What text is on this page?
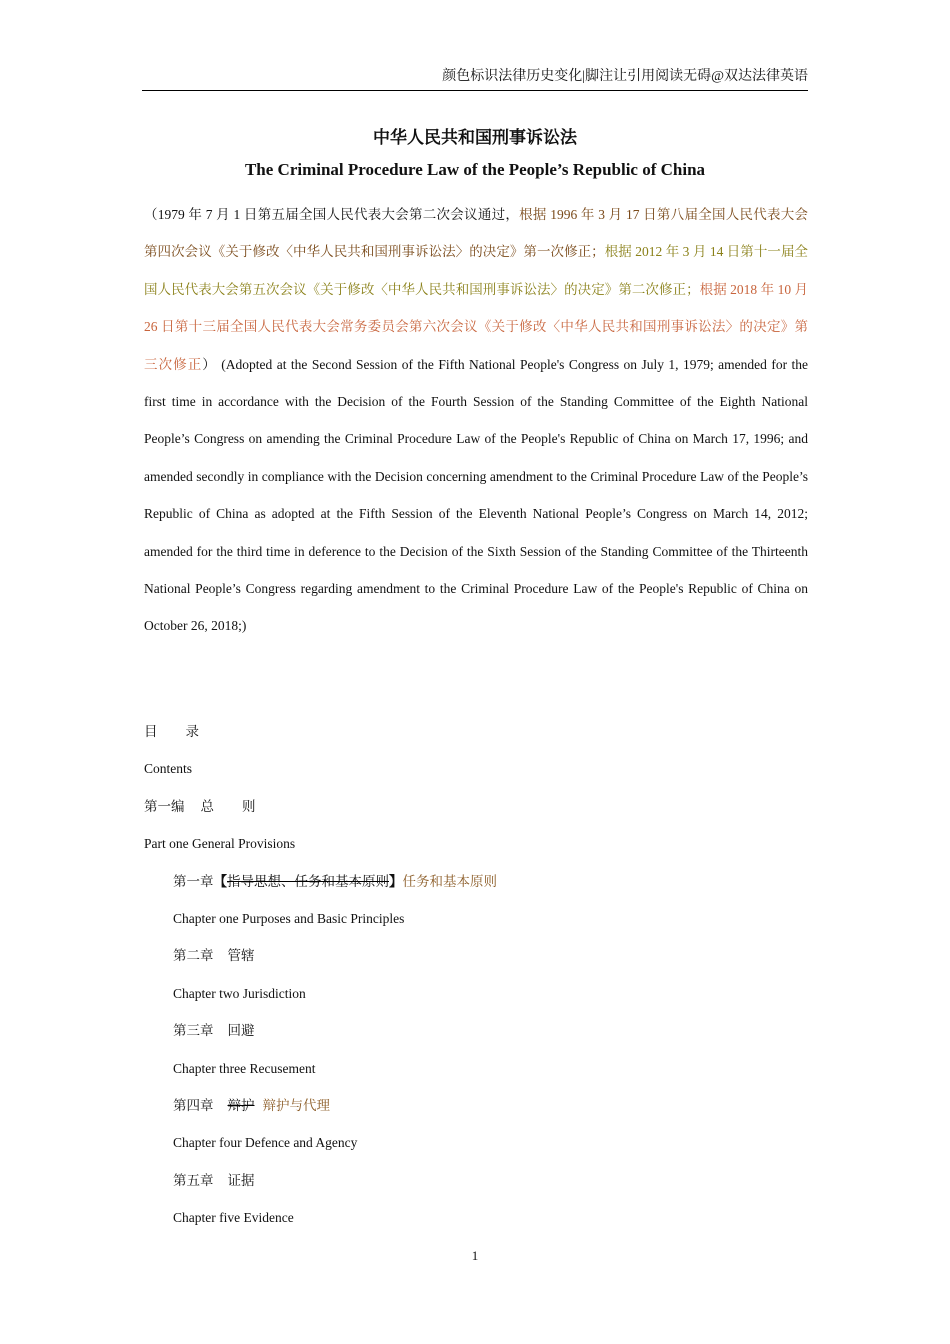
颜色标识法律历史变化|脚注让引用阅读无碍@双达法律英语
中华人民共和国刑事诉讼法
The Criminal Procedure Law of the People’s Republic of China
（1979 年 7 月 1 日第五届全国人民代表大会第二次会议通过，根据 1996 年 3 月 17 日第八届全国人民代表大会第四次会议《关于修改〈中华人民共和国刑事诉讼法〉的决定》第一次修正；根据 2012 年 3 月 14 日第十一届全国人民代表大会第五次会议《关于修改〈中华人民共和国刑事诉讼法〉的决定》第二次修正；根据 2018 年 10 月 26 日第十三届全国人民代表大会常务委员会第六次会议《关于修改〈中华人民共和国刑事诉讼法〉的决定》第三次修正） (Adopted at the Second Session of the Fifth National People's Congress on July 1, 1979; amended for the first time in accordance with the Decision of the Fourth Session of the Standing Committee of the Eighth National People’s Congress on amending the Criminal Procedure Law of the People's Republic of China on March 17, 1996; and amended secondly in compliance with the Decision concerning amendment to the Criminal Procedure Law of the People’s Republic of China as adopted at the Fifth Session of the Eleventh National People’s Congress on March 14, 2012; amended for the third time in deference to the Decision of the Sixth Session of the Standing Committee of the Thirteenth National People’s Congress regarding amendment to the Criminal Procedure Law of the People's Republic of China on October 26, 2018;)
目 录
Contents
第一编 总 则
Part one General Provisions
第一章【指导思想、任务和基本原则】任务和基本原则
Chapter one Purposes and Basic Principles
第二章 管辖
Chapter two Jurisdiction
第三章 回避
Chapter three Recusement
第四章 辩护 辩护与代理
Chapter four Defence and Agency
第五章 证据
Chapter five Evidence
1
